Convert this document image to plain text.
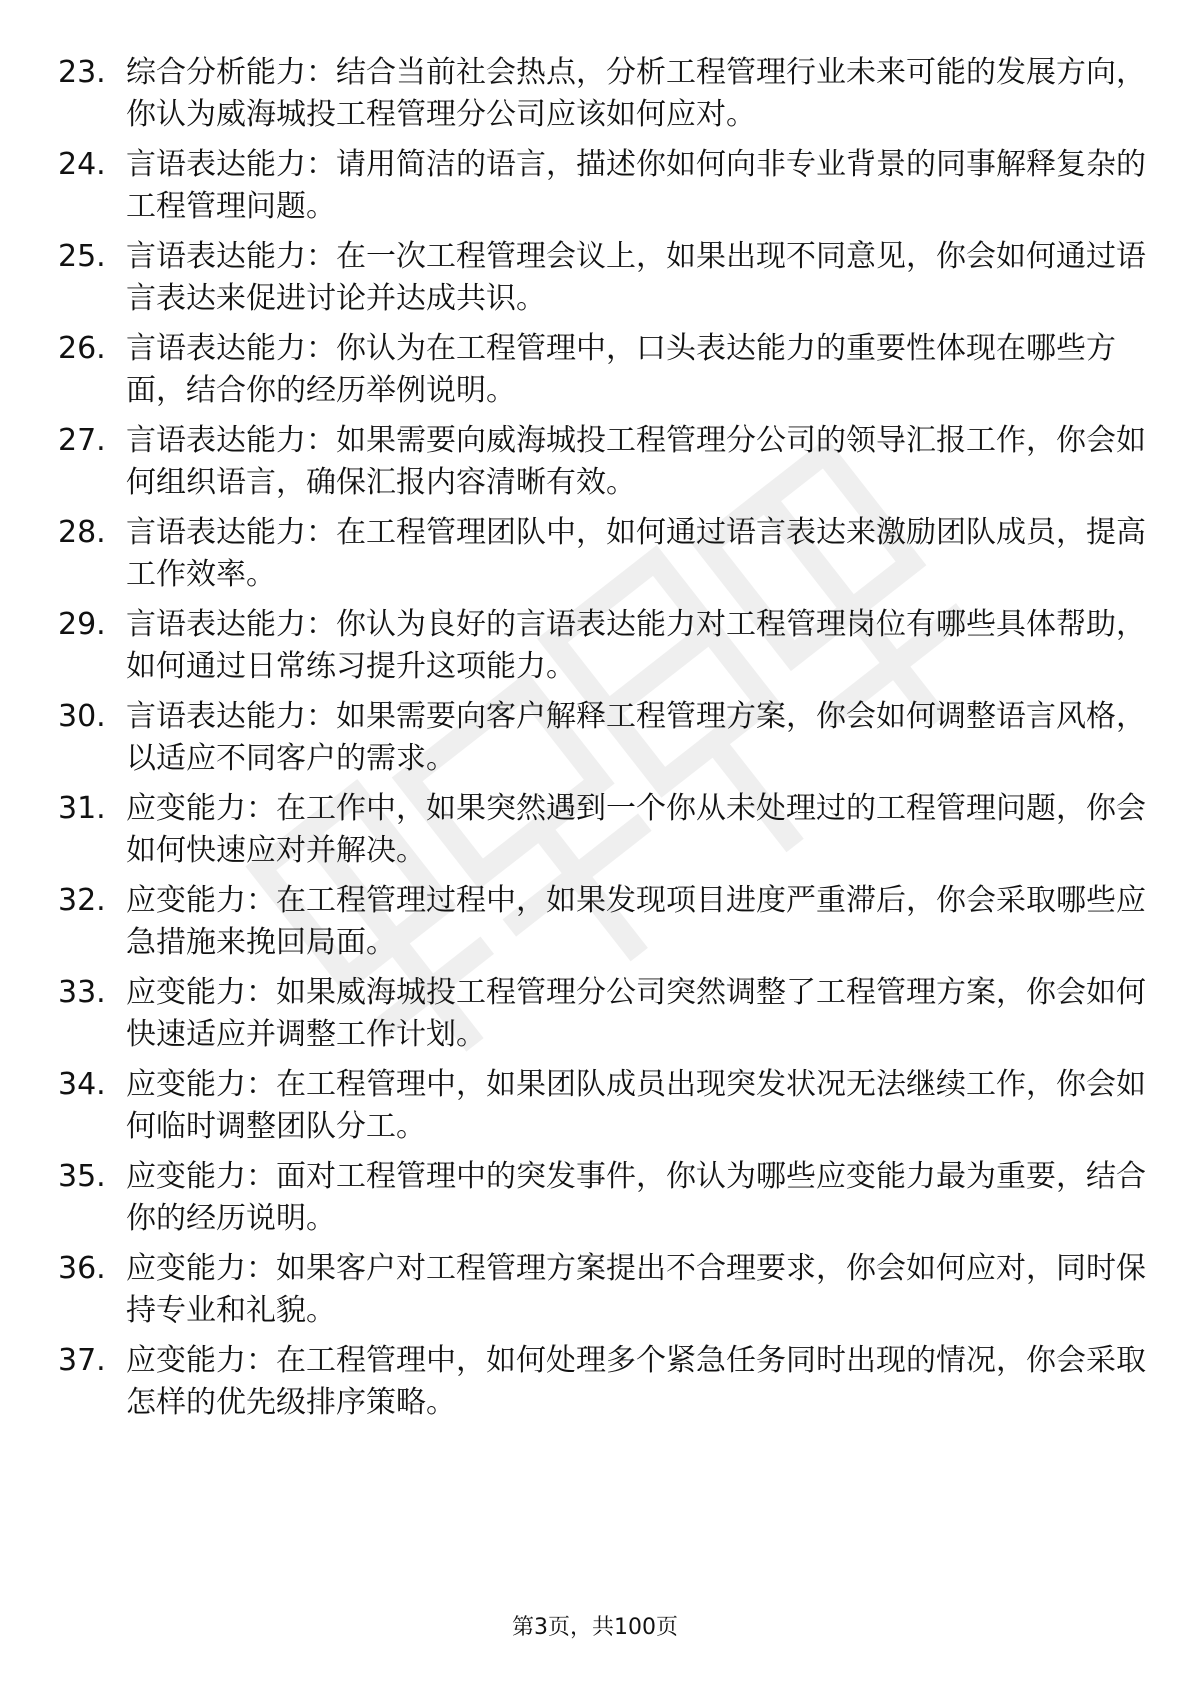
23. 综合分析能力：结合当前社会热点，分析工程管理行业未来可能的发展方向，你认为威海城投工程管理分公司应该如何应对。
24. 言语表达能力：请用简洁的语言，描述你如何向非专业背景的同事解释复杂的工程管理问题。
25. 言语表达能力：在一次工程管理会议上，如果出现不同意见，你会如何通过语言表达来促进讨论并达成共识。
26. 言语表达能力：你认为在工程管理中，口头表达能力的重要性体现在哪些方面，结合你的经历举例说明。
27. 言语表达能力：如果需要向威海城投工程管理分公司的领导汇报工作，你会如何组织语言，确保汇报内容清晰有效。
28. 言语表达能力：在工程管理团队中，如何通过语言表达来激励团队成员，提高工作效率。
29. 言语表达能力：你认为良好的言语表达能力对工程管理岗位有哪些具体帮助，如何通过日常练习提升这项能力。
30. 言语表达能力：如果需要向客户解释工程管理方案，你会如何调整语言风格，以适应不同客户的需求。
31. 应变能力：在工作中，如果突然遇到一个你从未处理过的工程管理问题，你会如何快速应对并解决。
32. 应变能力：在工程管理过程中，如果发现项目进度严重滞后，你会采取哪些应急措施来挽回局面。
33. 应变能力：如果威海城投工程管理分公司突然调整了工程管理方案，你会如何快速适应并调整工作计划。
34. 应变能力：在工程管理中，如果团队成员出现突发状况无法继续工作，你会如何临时调整团队分工。
35. 应变能力：面对工程管理中的突发事件，你认为哪些应变能力最为重要，结合你的经历说明。
36. 应变能力：如果客户对工程管理方案提出不合理要求，你会如何应对，同时保持专业和礼貌。
37. 应变能力：在工程管理中，如何处理多个紧急任务同时出现的情况，你会采取怎样的优先级排序策略。
第3页，共100页
